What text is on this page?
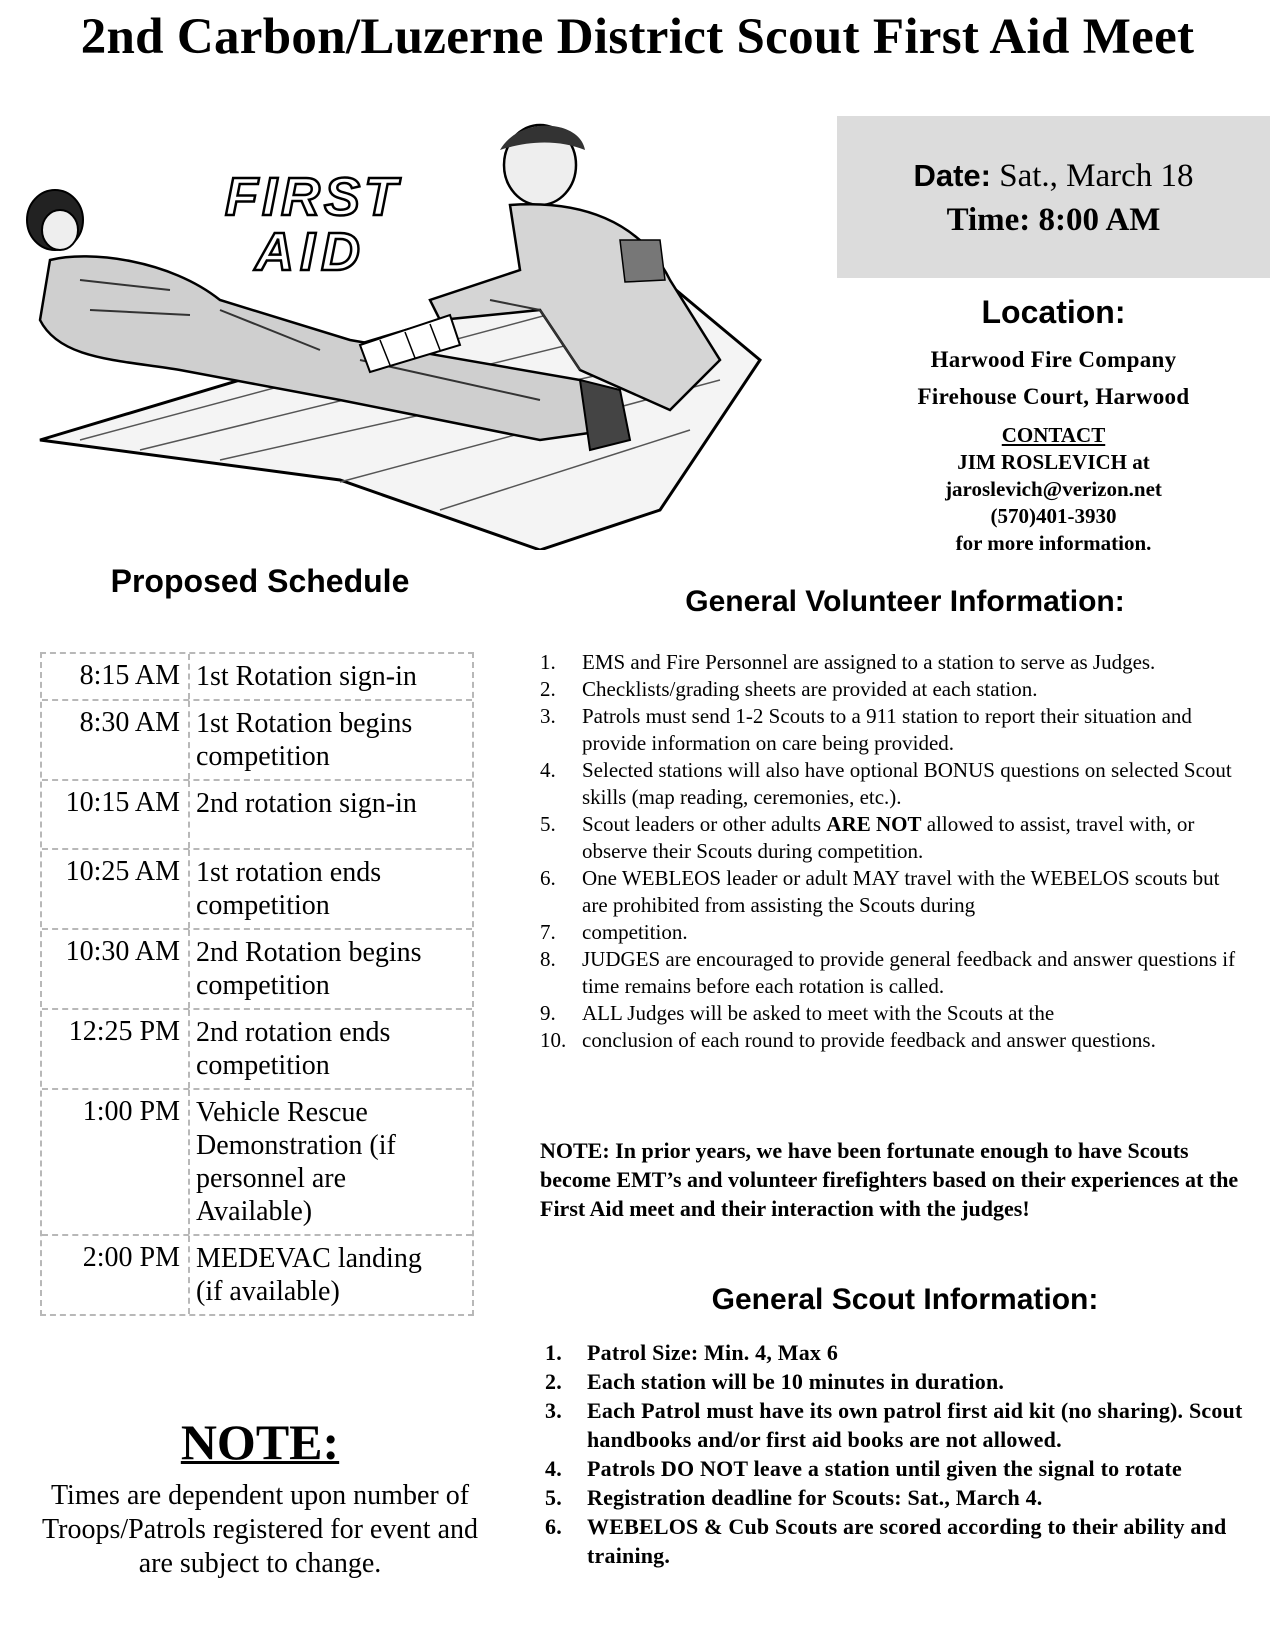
2nd Carbon/Luzerne District Scout First Aid Meet
FIRST
AID
Date: Sat., March 18
Time: 8:00 AM
Location:
Harwood Fire Company
Firehouse Court, Harwood
CONTACT
JIM ROSLEVICH at
jaroslevich@verizon.net
(570)401-3930
for more information.
Proposed Schedule
8:15 AM 1st Rotation sign-in
8:30 AM 1st Rotation begins competition
10:15 AM 2nd rotation sign-in
10:25 AM 1st rotation ends competition
10:30 AM 2nd Rotation begins competition
12:25 PM 2nd rotation ends competition
1:00 PM Vehicle Rescue Demonstration (if personnel are Available)
2:00 PM MEDEVAC landing (if available)
NOTE:
Times are dependent upon number of Troops/Patrols registered for event and are subject to change.
General Volunteer Information:
1.	EMS and Fire Personnel are assigned to a station to serve as Judges.
2.	Checklists/grading sheets are provided at each station.
3.	Patrols must send 1-2 Scouts to a 911 station to report their situation and provide information on care being provided.
4.	Selected stations will also have optional BONUS questions on selected Scout skills (map reading, ceremonies, etc.).
5.	Scout leaders or other adults ARE NOT allowed to assist, travel with, or observe their Scouts during competition.
6.	One WEBLEOS leader or adult MAY travel with the WEBELOS scouts but are prohibited from assisting the Scouts during
7.	competition.
8.	JUDGES are encouraged to provide general feedback and answer questions if time remains before each rotation is called.
9.	ALL Judges will be asked to meet with the Scouts at the
10. conclusion of each round to provide feedback and answer questions.
NOTE: In prior years, we have been fortunate enough to have Scouts become EMT’s and volunteer firefighters based on their experiences at the First Aid meet and their interaction with the judges!
General Scout Information:
1.	Patrol Size: Min. 4, Max 6
2.	Each station will be 10 minutes in duration.
3.	Each Patrol must have its own patrol first aid kit (no sharing). Scout handbooks and/or first aid books are not allowed.
4.	Patrols DO NOT leave a station until given the signal to rotate
5.	Registration deadline for Scouts: Sat., March 4.
6.	WEBELOS & Cub Scouts are scored according to their ability and training.
